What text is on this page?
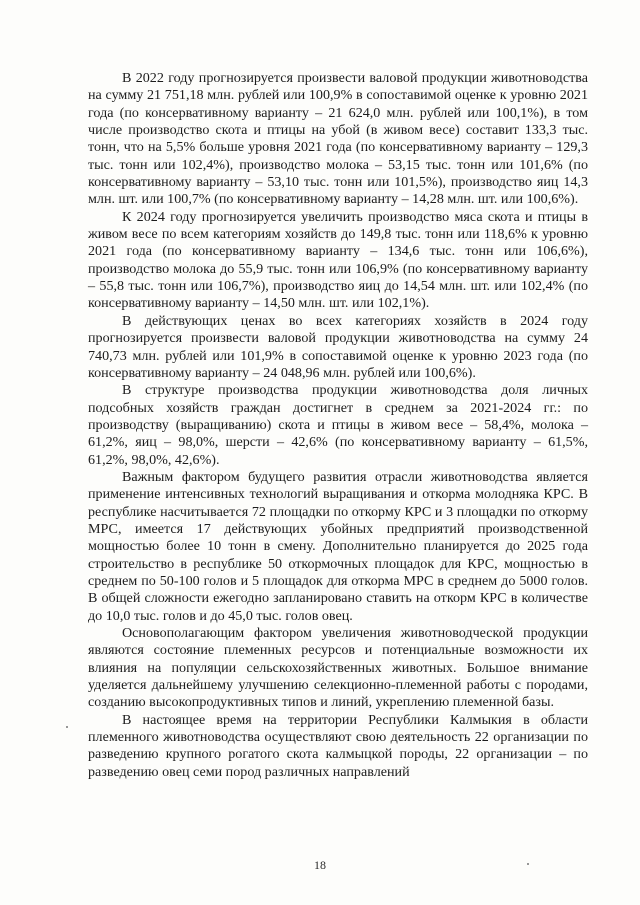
В 2022 году прогнозируется произвести валовой продукции животноводства на сумму 21 751,18 млн. рублей или 100,9% в сопоставимой оценке к уровню 2021 года (по консервативному варианту – 21 624,0 млн. рублей или 100,1%), в том числе производство скота и птицы на убой (в живом весе) составит 133,3 тыс. тонн, что на 5,5% больше уровня 2021 года (по консервативному варианту – 129,3 тыс. тонн или 102,4%), производство молока – 53,15 тыс. тонн или 101,6% (по консервативному варианту – 53,10 тыс. тонн или 101,5%), производство яиц 14,3 млн. шт. или 100,7% (по консервативному варианту – 14,28 млн. шт. или 100,6%).

К 2024 году прогнозируется увеличить производство мяса скота и птицы в живом весе по всем категориям хозяйств до 149,8 тыс. тонн или 118,6% к уровню 2021 года (по консервативному варианту – 134,6 тыс. тонн или 106,6%), производство молока до 55,9 тыс. тонн или 106,9% (по консервативному варианту – 55,8 тыс. тонн или 106,7%), производство яиц до 14,54 млн. шт. или 102,4% (по консервативному варианту – 14,50 млн. шт. или 102,1%).

В действующих ценах во всех категориях хозяйств в 2024 году прогнозируется произвести валовой продукции животноводства на сумму 24 740,73 млн. рублей или 101,9% в сопоставимой оценке к уровню 2023 года (по консервативному варианту – 24 048,96 млн. рублей или 100,6%).

В структуре производства продукции животноводства доля личных подсобных хозяйств граждан достигнет в среднем за 2021-2024 гг.: по производству (выращиванию) скота и птицы в живом весе – 58,4%, молока – 61,2%, яиц – 98,0%, шерсти – 42,6% (по консервативному варианту – 61,5%, 61,2%, 98,0%, 42,6%).

Важным фактором будущего развития отрасли животноводства является применение интенсивных технологий выращивания и откорма молодняка КРС. В республике насчитывается 72 площадки по откорму КРС и 3 площадки по откорму МРС, имеется 17 действующих убойных предприятий производственной мощностью более 10 тонн в смену. Дополнительно планируется до 2025 года строительство в республике 50 откормочных площадок для КРС, мощностью в среднем по 50-100 голов и 5 площадок для откорма МРС в среднем до 5000 голов. В общей сложности ежегодно запланировано ставить на откорм КРС в количестве до 10,0 тыс. голов и до 45,0 тыс. голов овец.

Основополагающим фактором увеличения животноводческой продукции являются состояние племенных ресурсов и потенциальные возможности их влияния на популяции сельскохозяйственных животных. Большое внимание уделяется дальнейшему улучшению селекционно-племенной работы с породами, созданию высокопродуктивных типов и линий, укреплению племенной базы.

В настоящее время на территории Республики Калмыкия в области племенного животноводства осуществляют свою деятельность 22 организации по разведению крупного рогатого скота калмыцкой породы, 22 организации – по разведению овец семи пород различных направлений

18
